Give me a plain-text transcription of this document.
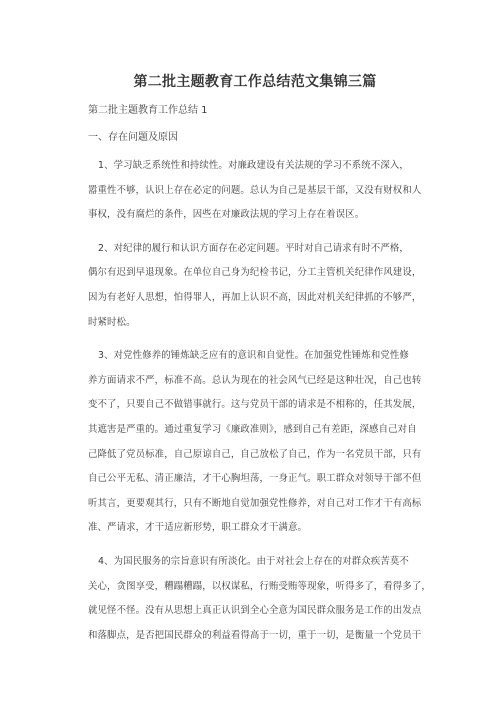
第二批主题教育工作总结范文集锦三篇
第二批主题教育工作总结 1
一、存在问题及原因
1、学习缺乏系统性和持续性。对廉政建设有关法规的学习不系统不深入，
嚣重性不够，认识上存在必定的问题。总认为自己是基层干部，又没有财权和人
事权，没有腐烂的条件，因些在对廉政法规的学习上存在着误区。
2、对纪律的履行和认识方面存在必定问题。平时对自己请求有时不严格，
偶尔有迟到早退现象。在单位自己身为纪检书记，分工主管机关纪律作风建设，
因为有老好人思想，怕得罪人，再加上认识不高，因此对机关纪律抓的不够严，
时紧时松。
3、对党性修养的锤炼缺乏应有的意识和自觉性。在加强党性锤炼和党性修
养方面请求不严，标准不高。总认为现在的社会风气已经是这种壮况，自己也转
变不了，只要自己不做错事就行。这与党员干部的请求是不相称的，任其发展，
其遮害是严重的。通过重复学习《廉政准则》，感到自己有差距，深感自己对自
己降低了党员标准，自己原谅自己，自己放松了自己，作为一名党员干部，只有
自己公平无私、清正廉洁，才干心胸坦荡，一身正气。职工群众对领导干部不但
听其言，更要观其行，只有不断地自觉加强党性修养，对自己对工作才干有高标
准、严请求，才干适应新形势，职工群众才干满意。
4、为国民服务的宗旨意识有所淡化。由于对社会上存在的对群众疾苦莫不
关心，贪图享受，糟蹋糟蹋，以权谋私，行贿受贿等现象，听得多了，看得多了，
就见怪不怪。没有从思想上真正认识到全心全意为国民群众服务是工作的出发点
和落脚点，是否把国民群众的利益看得高于一切，重于一切，是衡量一个党员干
